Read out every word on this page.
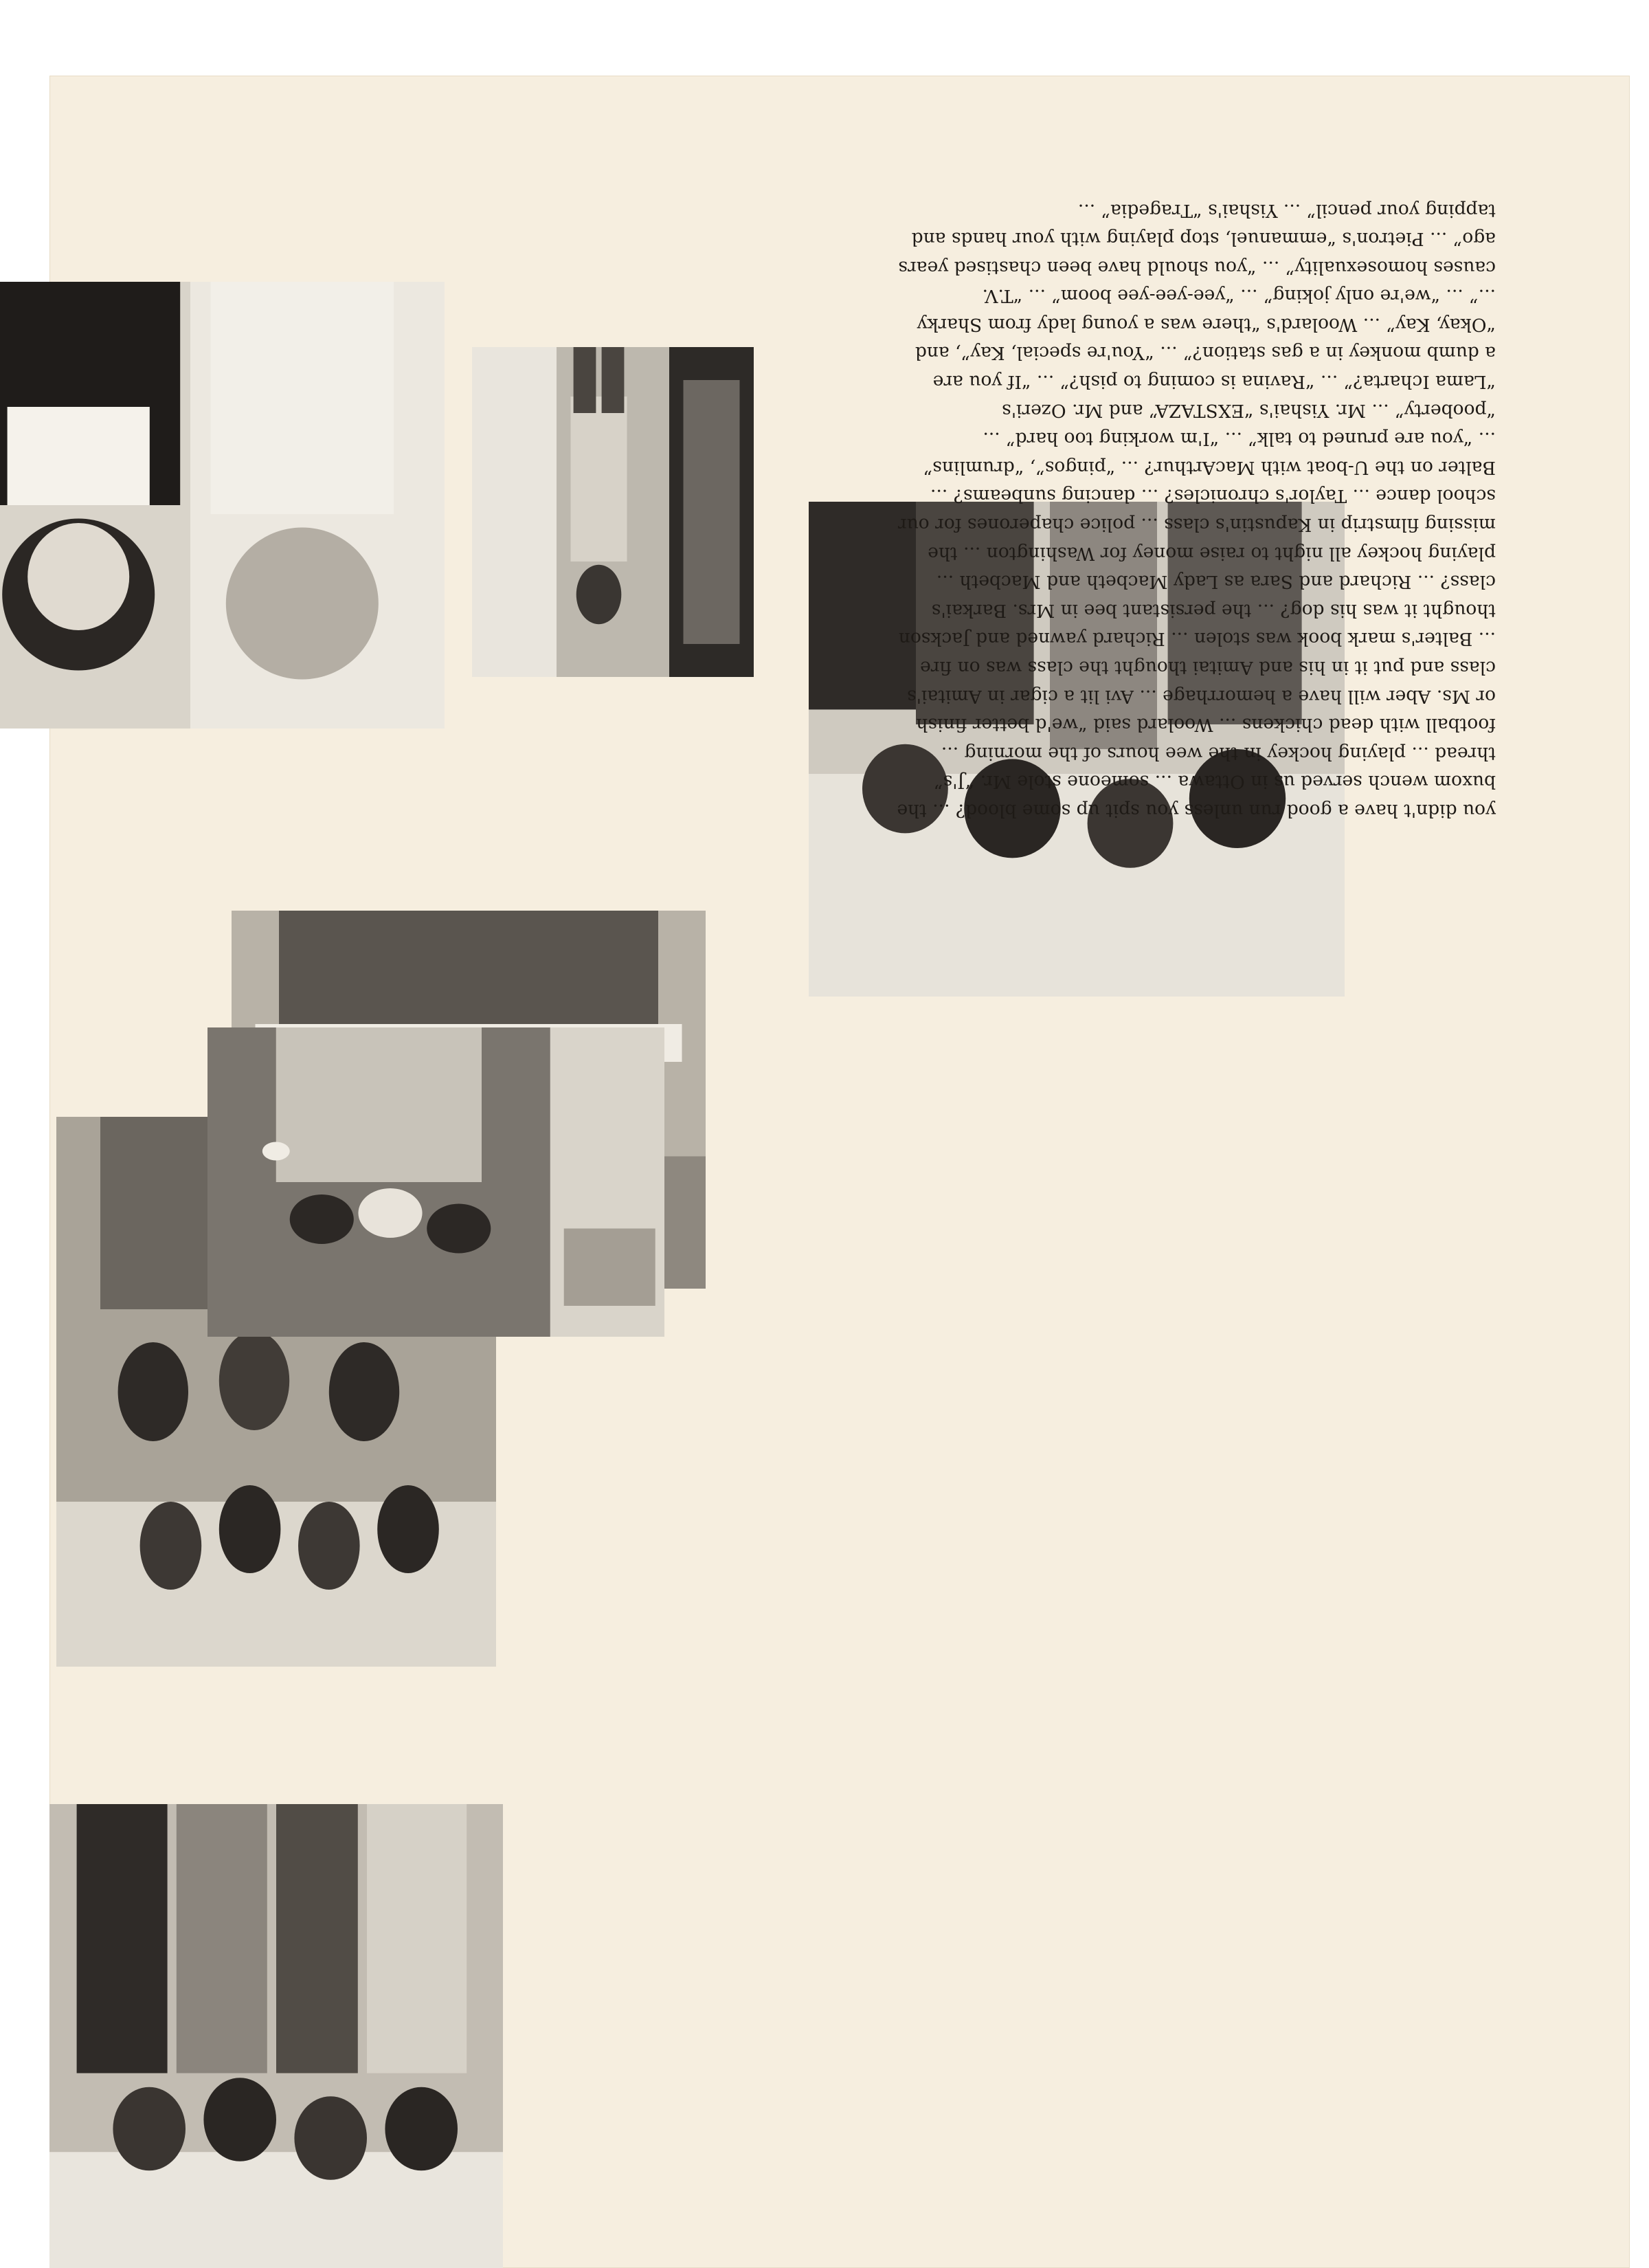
you didn't have a good run unless you spit up some blood? ... the
buxom wench served us in Ottawa ... someone stole Mr. “J's”
thread ... playing hockey in the wee hours of the morning ...
football with dead chickens ... Woolard said “we'd better finish
or Ms. Aber will have a hemorrhage ... Avi lit a cigar in Amitai's
class and put it in his and Amitai thought the class was on fire
... Balter's mark book was stolen ... Richard yawned and Jackson
thought it was his dog? ... the persistant bee in Mrs. Barkai's
class? ... Richard and Sara as Lady Macbeth and Macbeth ...
playing hockey all night to raise money for Washington ... the
missing filmstrip in Kapustin's class ... police chaperones for our
school dance ... Taylor's chronicles? ... dancing sunbeams? ...
Balter on the U-boat with MacArthur? ... “pingos”, “drumlins”
... “you are pruned to talk” ... “I'm working too hard” ...
“pooberty” ... Mr. Yishai's “EXSTAZA” and Mr. Ozeri's
“Lama Icharta?” ... “Ravina is coming to pish?” ... “If you are
a dumb monkey in a gas station?” ... “You're special, Kay”, and
“Okay, Kay” ... Woolard's “there was a young lady from Sharky
...” ... “we're only joking” ... “yee-yee-yee boom” ... “T.V.
causes homosexuality” ... “you should have been chastised years
ago” ... Pietron's “emmanuel, stop playing with your hands and
tapping your pencil” ... Yishai's “Tragedia” ...
